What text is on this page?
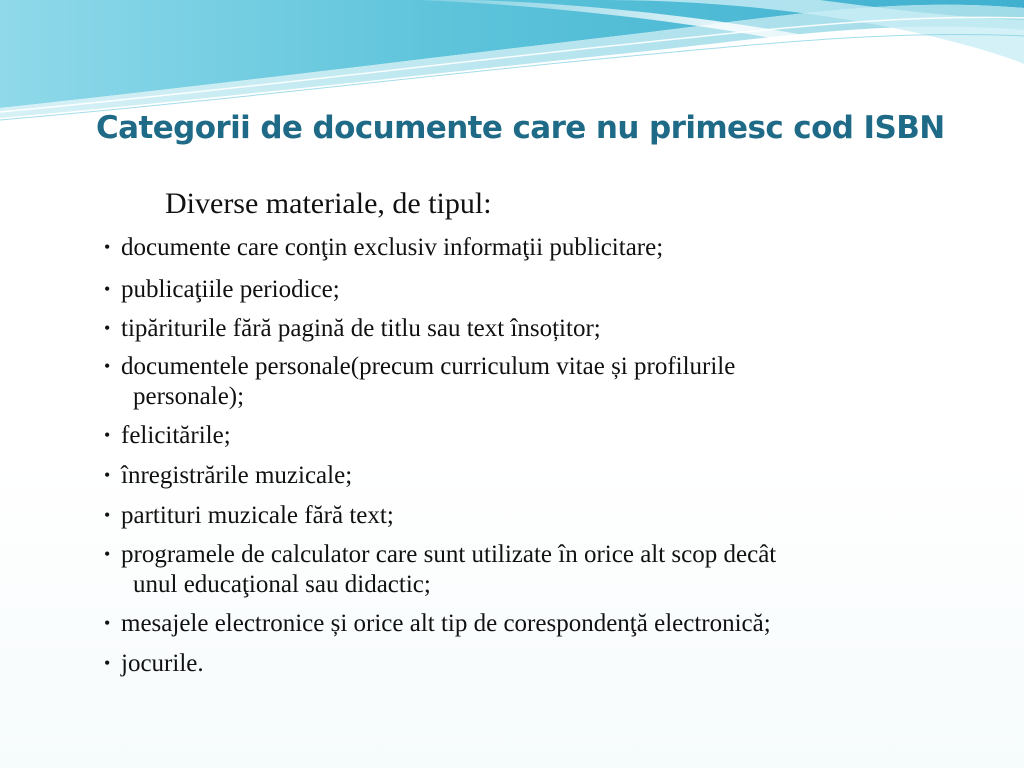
Categorii de documente care nu primesc cod ISBN

Diverse materiale, de tipul:

• documente care conţin exclusiv informaţii publicitare;
• publicaţiile periodice;
• tipăriturile fără pagină de titlu sau text însoțitor;
• documentele personale(precum curriculum vitae și profilurile
personale);
• felicitările;
• înregistrările muzicale;
• partituri muzicale fără text;
• programele de calculator care sunt utilizate în orice alt scop decât
unul educaţional sau didactic;
• mesajele electronice și orice alt tip de corespondenţă electronică;
• jocurile.
